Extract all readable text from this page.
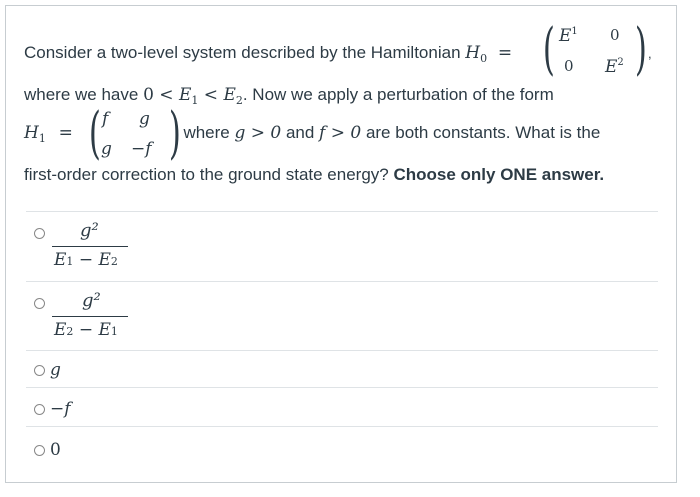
Consider a two-level system described by the Hamiltonian $H_0$ = ( E 1 0
0 E 2 ) ,
where we have $0 < E_1 < E_2$. Now we apply a perturbation of the form
$H_1$ = ( f g
g −f )
, where g > 0 and f > 0 are both constants. What is the
first-order correction to the ground state energy? Choose only ONE answer.
g²
E1 − E2
g²
E2 − E1
g
−f
0
